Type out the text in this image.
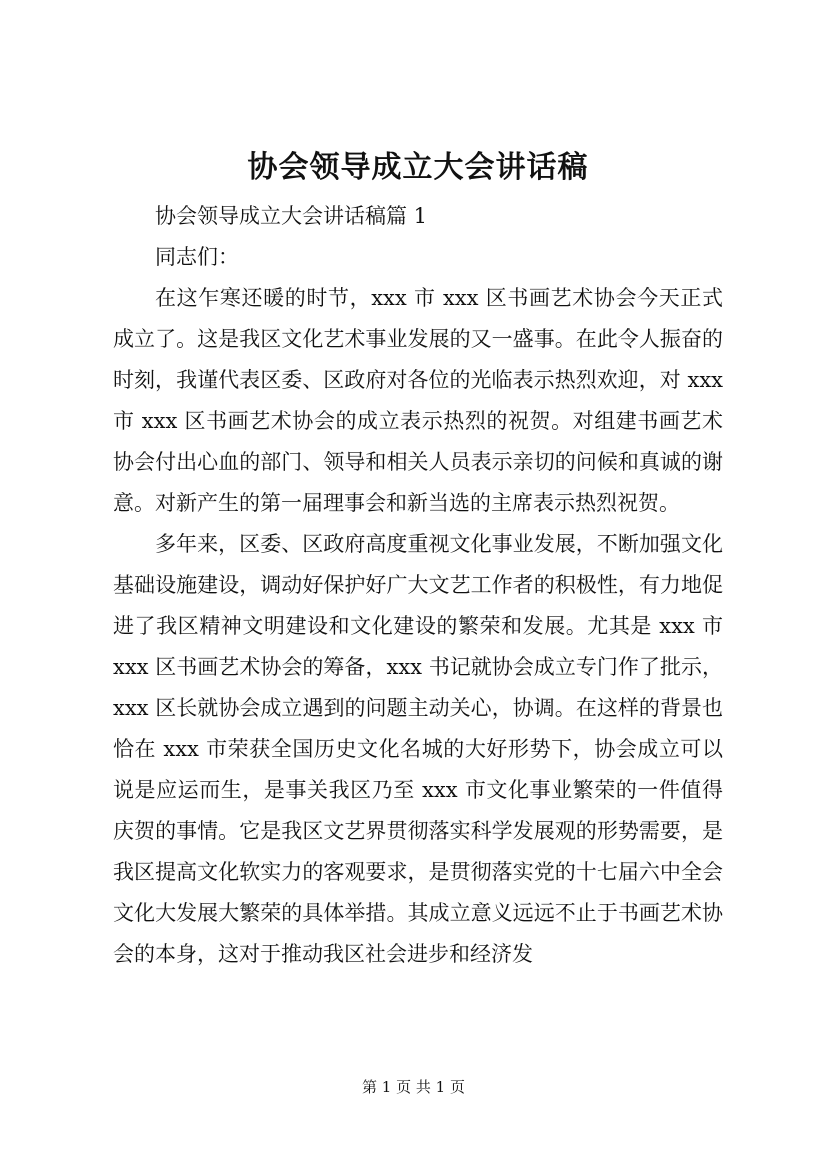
协会领导成立大会讲话稿

协会领导成立大会讲话稿篇 1

同志们：

在这乍寒还暖的时节，xxx 市 xxx 区书画艺术协会今天正式成立了。这是我区文化艺术事业发展的又一盛事。在此令人振奋的时刻，我谨代表区委、区政府对各位的光临表示热烈欢迎，对 xxx 市 xxx 区书画艺术协会的成立表示热烈的祝贺。对组建书画艺术协会付出心血的部门、领导和相关人员表示亲切的问候和真诚的谢意。对新产生的第一届理事会和新当选的主席表示热烈祝贺。

多年来，区委、区政府高度重视文化事业发展，不断加强文化基础设施建设，调动好保护好广大文艺工作者的积极性，有力地促进了我区精神文明建设和文化建设的繁荣和发展。尤其是 xxx 市 xxx 区书画艺术协会的筹备，xxx 书记就协会成立专门作了批示，xxx 区长就协会成立遇到的问题主动关心，协调。在这样的背景也恰在 xxx 市荣获全国历史文化名城的大好形势下，协会成立可以说是应运而生，是事关我区乃至 xxx 市文化事业繁荣的一件值得庆贺的事情。它是我区文艺界贯彻落实科学发展观的形势需要，是我区提高文化软实力的客观要求，是贯彻落实党的十七届六中全会文化大发展大繁荣的具体举措。其成立意义远远不止于书画艺术协会的本身，这对于推动我区社会进步和经济发

第 1 页 共 1 页
